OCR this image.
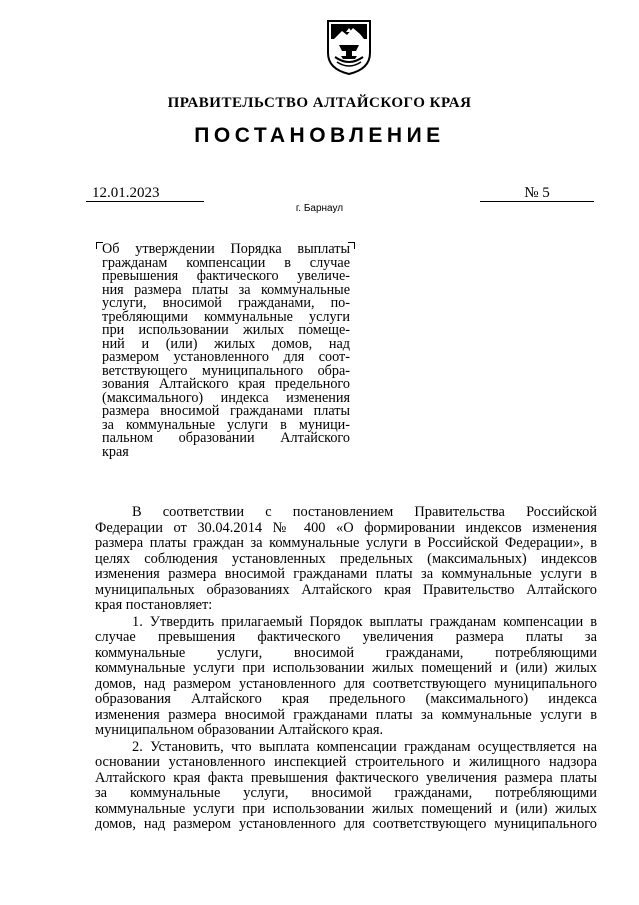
ПРАВИТЕЛЬСТВО АЛТАЙСКОГО КРАЯ
ПОСТАНОВЛЕНИЕ
12.01.2023	№ 5
г. Барнаул
Об утверждении Порядка выплаты
гражданам компенсации в случае
превышения фактического увеличе-
ния размера платы за коммунальные
услуги, вносимой гражданами, по-
требляющими коммунальные услуги
при использовании жилых помеще-
ний и (или) жилых домов, над
размером установленного для соот-
ветствующего муниципального обра-
зования Алтайского края предельного
(максимального) индекса изменения
размера вносимой гражданами платы
за коммунальные услуги в муници-
пальном образовании Алтайского
края
В соответствии с постановлением Правительства Российской
Федерации от 30.04.2014 № 400 «О формировании индексов изменения
размера платы граждан за коммунальные услуги в Российской Федерации», в
целях соблюдения установленных предельных (максимальных) индексов
изменения размера вносимой гражданами платы за коммунальные услуги в
муниципальных образованиях Алтайского края Правительство Алтайского
края постановляет:
1. Утвердить прилагаемый Порядок выплаты гражданам компенсации в
случае превышения фактического увеличения размера платы за
коммунальные услуги, вносимой гражданами, потребляющими
коммунальные услуги при использовании жилых помещений и (или) жилых
домов, над размером установленного для соответствующего муниципального
образования Алтайского края предельного (максимального) индекса
изменения размера вносимой гражданами платы за коммунальные услуги в
муниципальном образовании Алтайского края.
2. Установить, что выплата компенсации гражданам осуществляется на
основании установленного инспекцией строительного и жилищного надзора
Алтайского края факта превышения фактического увеличения размера платы
за коммунальные услуги, вносимой гражданами, потребляющими
коммунальные услуги при использовании жилых помещений и (или) жилых
домов, над размером установленного для соответствующего муниципального
